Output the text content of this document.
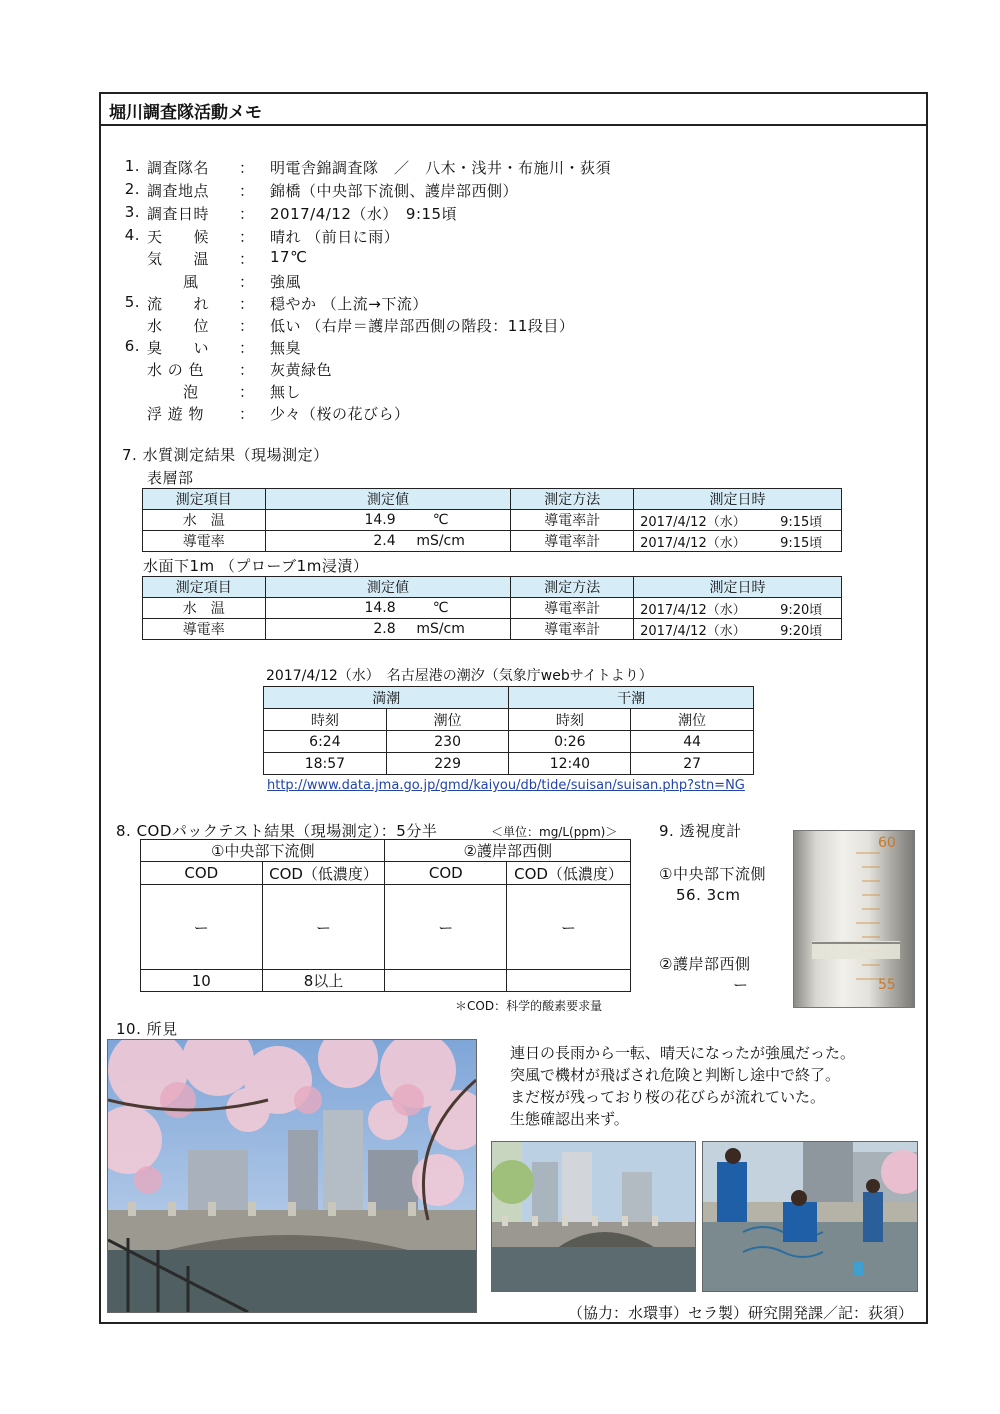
堀川調査隊活動メモ
1. 調査隊名 ： 明電舎錦調査隊　／　八木・浅井・布施川・荻須
2. 調査地点 ： 錦橋（中央部下流側、護岸部西側）
3. 調査日時 ： 2017/4/12（水）　9:15頃
4. 天　　候 ： 晴れ （前日に雨）
気　　温 ： 17℃
風	： 強風
5. 流　　れ ： 穏やか （上流→下流）
水　　位 ： 低い （右岸＝護岸部西側の階段：11段目）
6. 臭　　い ： 無臭
水 の 色 ： 灰黄緑色
泡	： 無し
浮 遊 物 ： 少々（桜の花びら）
7. 水質測定結果（現場測定）
表層部
測定項目	測定値	測定方法	測定日時
水　温	14.9 ℃	導電率計	2017/4/12（水） 9:15頃
導電率	2.4 mS/cm	導電率計	2017/4/12（水） 9:15頃
水面下1m （プローブ1m浸漬）
測定項目	測定値	測定方法	測定日時
水　温	14.8 ℃	導電率計	2017/4/12（水） 9:20頃
導電率	2.8 mS/cm	導電率計	2017/4/12（水） 9:20頃
2017/4/12（水）　名古屋港の潮汐（気象庁webサイトより）
満潮		干潮	
時刻	潮位	時刻	潮位
6:24	230	0:26	44
18:57	229	12:40	27
http://www.data.jma.go.jp/gmd/kaiyou/db/tide/suisan/suisan.php?stn=NG
8. CODパックテスト結果（現場測定）：5分半	＜単位：mg/L(ppm)＞
①中央部下流側		②護岸部西側	
COD	COD（低濃度）	COD	COD（低濃度）
ー	ー	ー	ー
10	8以上		
＊COD：科学的酸素要求量
9. 透視度計
①中央部下流側
56. 3cm
②護岸部西側
ー
60
55
10. 所見
連日の長雨から一転、晴天になったが強風だった。
突風で機材が飛ばされ危険と判断し途中で終了。
まだ桜が残っており桜の花びらが流れていた。
生態確認出来ず。
（協力：水環事）セラ製）研究開発課／記：荻須）
